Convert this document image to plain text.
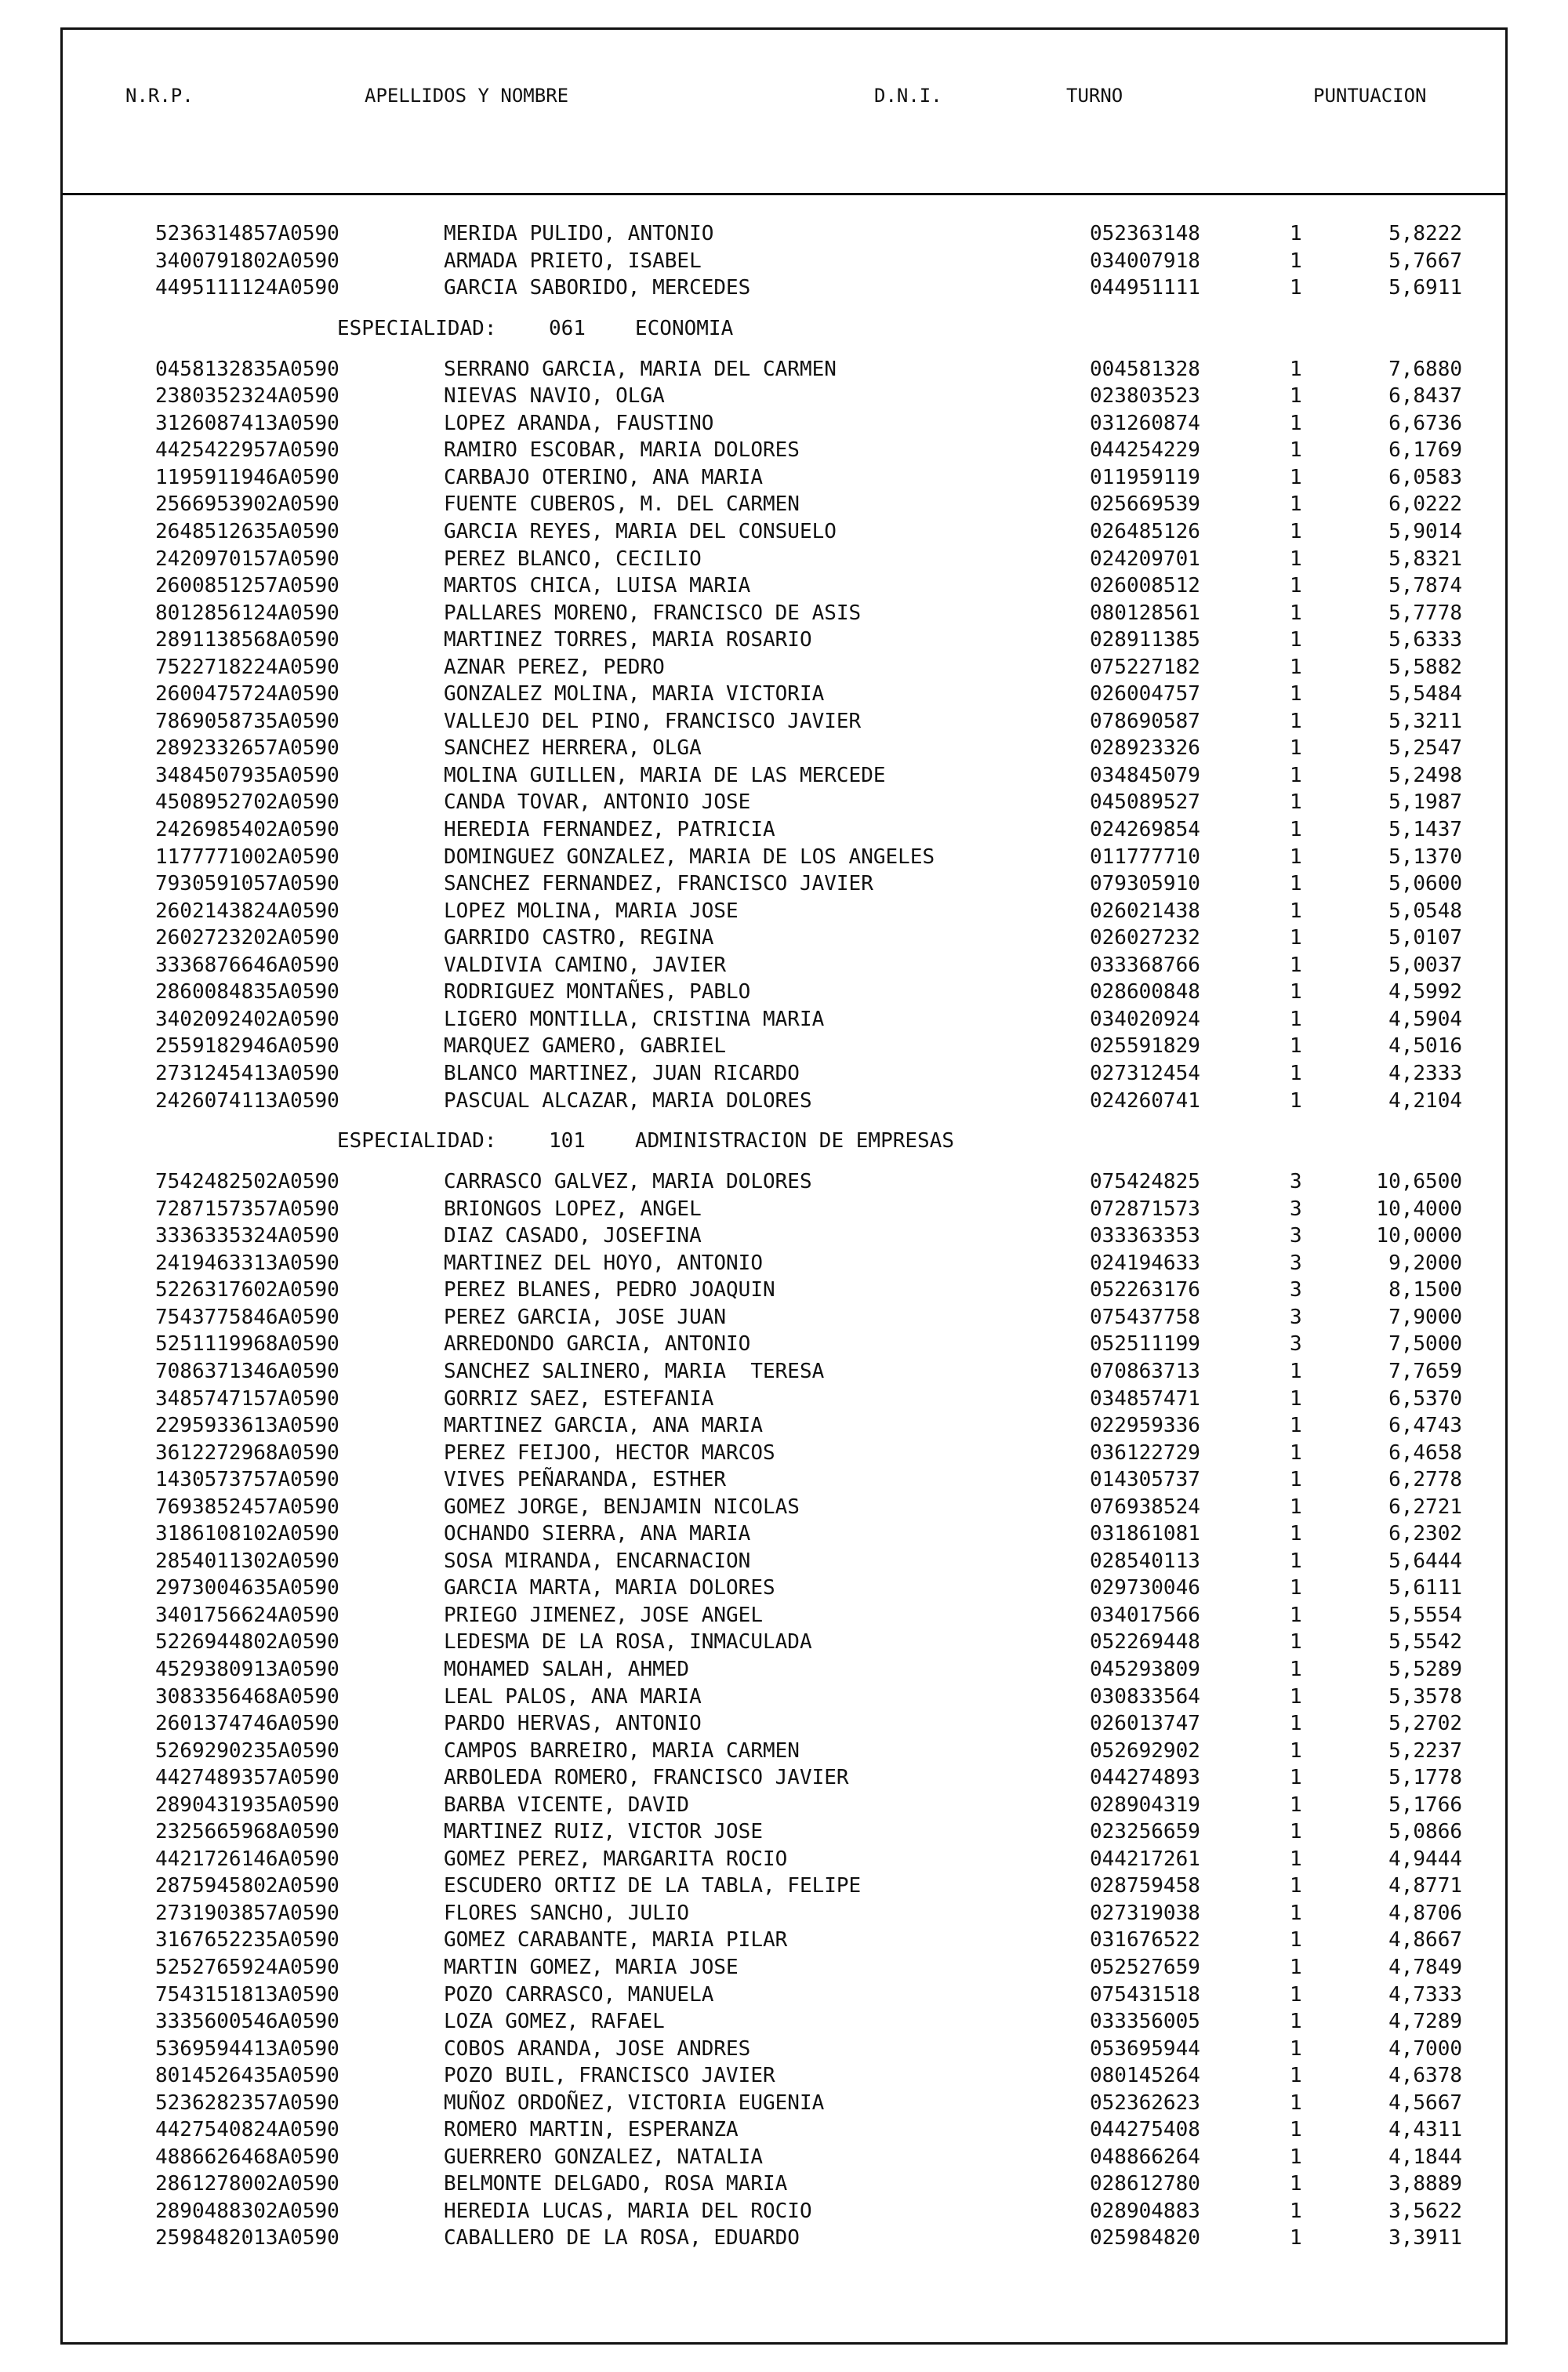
N.R.P.	APELLIDOS Y NOMBRE	D.N.I.	TURNO	PUNTUACION
5236314857A0590	MERIDA PULIDO, ANTONIO	052363148	1	5,8222
3400791802A0590	ARMADA PRIETO, ISABEL	034007918	1	5,7667
4495111124A0590	GARCIA SABORIDO, MERCEDES	044951111	1	5,6911
ESPECIALIDAD:	061 ECONOMIA
0458132835A0590	SERRANO GARCIA, MARIA DEL CARMEN	004581328	1	7,6880
2380352324A0590	NIEVAS NAVIO, OLGA	023803523	1	6,8437
3126087413A0590	LOPEZ ARANDA, FAUSTINO	031260874	1	6,6736
4425422957A0590	RAMIRO ESCOBAR, MARIA DOLORES	044254229	1	6,1769
1195911946A0590	CARBAJO OTERINO, ANA MARIA	011959119	1	6,0583
2566953902A0590	FUENTE CUBEROS, M. DEL CARMEN	025669539	1	6,0222
2648512635A0590	GARCIA REYES, MARIA DEL CONSUELO	026485126	1	5,9014
2420970157A0590	PEREZ BLANCO, CECILIO	024209701	1	5,8321
2600851257A0590	MARTOS CHICA, LUISA MARIA	026008512	1	5,7874
8012856124A0590	PALLARES MORENO, FRANCISCO DE ASIS	080128561	1	5,7778
2891138568A0590	MARTINEZ TORRES, MARIA ROSARIO	028911385	1	5,6333
7522718224A0590	AZNAR PEREZ, PEDRO	075227182	1	5,5882
2600475724A0590	GONZALEZ MOLINA, MARIA VICTORIA	026004757	1	5,5484
7869058735A0590	VALLEJO DEL PINO, FRANCISCO JAVIER	078690587	1	5,3211
2892332657A0590	SANCHEZ HERRERA, OLGA	028923326	1	5,2547
3484507935A0590	MOLINA GUILLEN, MARIA DE LAS MERCEDE	034845079	1	5,2498
4508952702A0590	CANDA TOVAR, ANTONIO JOSE	045089527	1	5,1987
2426985402A0590	HEREDIA FERNANDEZ, PATRICIA	024269854	1	5,1437
1177771002A0590	DOMINGUEZ GONZALEZ, MARIA DE LOS ANGELES	011777710	1	5,1370
7930591057A0590	SANCHEZ FERNANDEZ, FRANCISCO JAVIER	079305910	1	5,0600
2602143824A0590	LOPEZ MOLINA, MARIA JOSE	026021438	1	5,0548
2602723202A0590	GARRIDO CASTRO, REGINA	026027232	1	5,0107
3336876646A0590	VALDIVIA CAMINO, JAVIER	033368766	1	5,0037
2860084835A0590	RODRIGUEZ MONTAÑES, PABLO	028600848	1	4,5992
3402092402A0590	LIGERO MONTILLA, CRISTINA MARIA	034020924	1	4,5904
2559182946A0590	MARQUEZ GAMERO, GABRIEL	025591829	1	4,5016
2731245413A0590	BLANCO MARTINEZ, JUAN RICARDO	027312454	1	4,2333
2426074113A0590	PASCUAL ALCAZAR, MARIA DOLORES	024260741	1	4,2104
ESPECIALIDAD:	101 ADMINISTRACION DE EMPRESAS
7542482502A0590	CARRASCO GALVEZ, MARIA DOLORES	075424825	3	10,6500
7287157357A0590	BRIONGOS LOPEZ, ANGEL	072871573	3	10,4000
3336335324A0590	DIAZ CASADO, JOSEFINA	033363353	3	10,0000
2419463313A0590	MARTINEZ DEL HOYO, ANTONIO	024194633	3	9,2000
5226317602A0590	PEREZ BLANES, PEDRO JOAQUIN	052263176	3	8,1500
7543775846A0590	PEREZ GARCIA, JOSE JUAN	075437758	3	7,9000
5251119968A0590	ARREDONDO GARCIA, ANTONIO	052511199	3	7,5000
7086371346A0590	SANCHEZ SALINERO, MARIA  TERESA	070863713	1	7,7659
3485747157A0590	GORRIZ SAEZ, ESTEFANIA	034857471	1	6,5370
2295933613A0590	MARTINEZ GARCIA, ANA MARIA	022959336	1	6,4743
3612272968A0590	PEREZ FEIJOO, HECTOR MARCOS	036122729	1	6,4658
1430573757A0590	VIVES PEÑARANDA, ESTHER	014305737	1	6,2778
7693852457A0590	GOMEZ JORGE, BENJAMIN NICOLAS	076938524	1	6,2721
3186108102A0590	OCHANDO SIERRA, ANA MARIA	031861081	1	6,2302
2854011302A0590	SOSA MIRANDA, ENCARNACION	028540113	1	5,6444
2973004635A0590	GARCIA MARTA, MARIA DOLORES	029730046	1	5,6111
3401756624A0590	PRIEGO JIMENEZ, JOSE ANGEL	034017566	1	5,5554
5226944802A0590	LEDESMA DE LA ROSA, INMACULADA	052269448	1	5,5542
4529380913A0590	MOHAMED SALAH, AHMED	045293809	1	5,5289
3083356468A0590	LEAL PALOS, ANA MARIA	030833564	1	5,3578
2601374746A0590	PARDO HERVAS, ANTONIO	026013747	1	5,2702
5269290235A0590	CAMPOS BARREIRO, MARIA CARMEN	052692902	1	5,2237
4427489357A0590	ARBOLEDA ROMERO, FRANCISCO JAVIER	044274893	1	5,1778
2890431935A0590	BARBA VICENTE, DAVID	028904319	1	5,1766
2325665968A0590	MARTINEZ RUIZ, VICTOR JOSE	023256659	1	5,0866
4421726146A0590	GOMEZ PEREZ, MARGARITA ROCIO	044217261	1	4,9444
2875945802A0590	ESCUDERO ORTIZ DE LA TABLA, FELIPE	028759458	1	4,8771
2731903857A0590	FLORES SANCHO, JULIO	027319038	1	4,8706
3167652235A0590	GOMEZ CARABANTE, MARIA PILAR	031676522	1	4,8667
5252765924A0590	MARTIN GOMEZ, MARIA JOSE	052527659	1	4,7849
7543151813A0590	POZO CARRASCO, MANUELA	075431518	1	4,7333
3335600546A0590	LOZA GOMEZ, RAFAEL	033356005	1	4,7289
5369594413A0590	COBOS ARANDA, JOSE ANDRES	053695944	1	4,7000
8014526435A0590	POZO BUIL, FRANCISCO JAVIER	080145264	1	4,6378
5236282357A0590	MUÑOZ ORDOÑEZ, VICTORIA EUGENIA	052362623	1	4,5667
4427540824A0590	ROMERO MARTIN, ESPERANZA	044275408	1	4,4311
4886626468A0590	GUERRERO GONZALEZ, NATALIA	048866264	1	4,1844
2861278002A0590	BELMONTE DELGADO, ROSA MARIA	028612780	1	3,8889
2890488302A0590	HEREDIA LUCAS, MARIA DEL ROCIO	028904883	1	3,5622
2598482013A0590	CABALLERO DE LA ROSA, EDUARDO	025984820	1	3,3911
